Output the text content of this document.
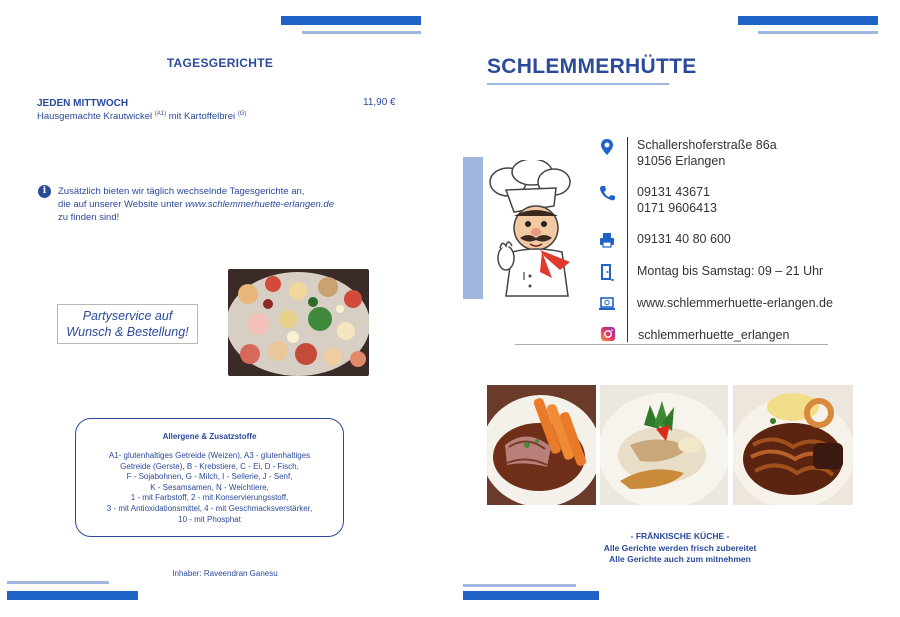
TAGESGERICHTE
JEDEN MITTWOCH	11,90 €
Hausgemachte Krautwickel $^{(A1)}$ mit Kartoffelbrei $^{(G)}$
i	Zusätzlich bieten wir täglich wechselnde Tagesgerichte an,
die auf unserer Website unter www.schlemmerhuette-erlangen.de
zu finden sind!
Partyservice auf
Wunsch & Bestellung!
Allergene & Zusatzstoffe
A1- glutenhaltiges Getreide (Weizen), A3 - glutenhaltiges
Getreide (Gerste), B - Krebstiere, C - Ei, D - Fisch,
F - Sojabohnen, G - Milch, I - Sellerie, J - Senf,
K - Sesamsamen, N - Weichtiere,
1 - mit Farbstoff, 2 - mit Konservierungsstoff,
3 - mit Antioxidationsmittel, 4 - mit Geschmacksverstärker,
10 - mit Phosphat
Inhaber: Raveendran Ganesu
SCHLEMMERHÜTTE
Schallershoferstraße 86a
91056 Erlangen
09131 43671
0171 9606413
09131 40 80 600
Montag bis Samstag: 09 – 21 Uhr
www.schlemmerhuette-erlangen.de
schlemmerhuette_erlangen
- FRÄNKISCHE KÜCHE -
Alle Gerichte werden frisch zubereitet
Alle Gerichte auch zum mitnehmen
